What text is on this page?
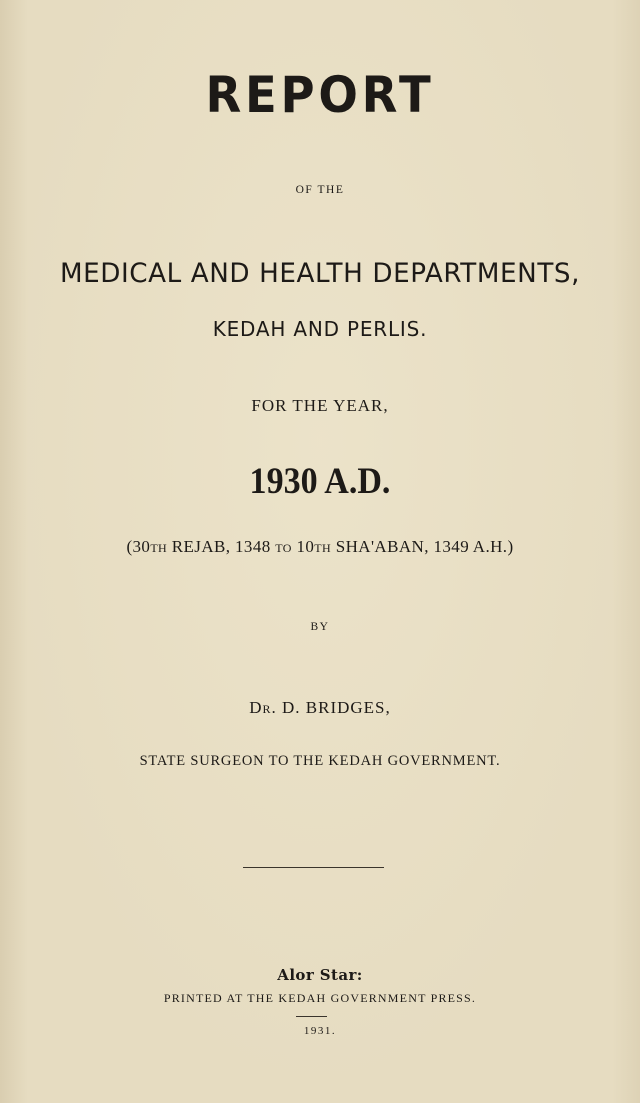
REPORT
OF THE
MEDICAL AND HEALTH DEPARTMENTS,
KEDAH AND PERLIS.
FOR THE YEAR,
1930 A.D.
(30th REJAB, 1348 to 10th SHA'ABAN, 1349 A.H.)
BY
Dr. D. BRIDGES,
STATE SURGEON TO THE KEDAH GOVERNMENT.
Alor Star:
PRINTED AT THE KEDAH GOVERNMENT PRESS.
1931.
